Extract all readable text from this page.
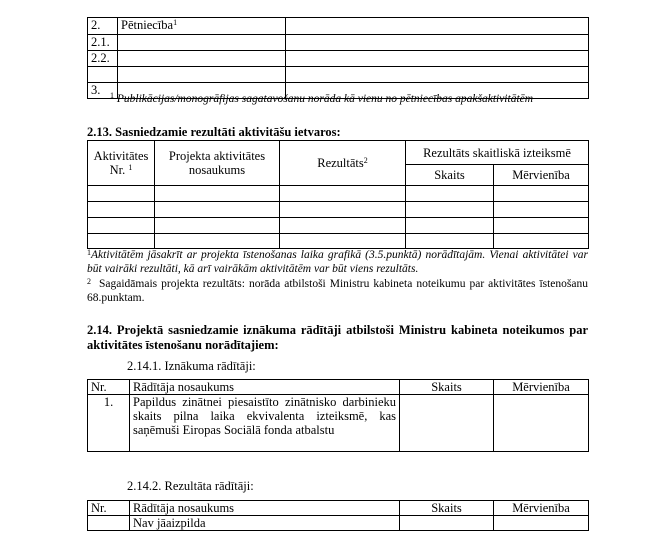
2.	Pētniecība$^1$	
2.1.		
2.2.		

3.		$^1$ Publikācijas/monogrāfijas sagatavošanu norāda kā vienu no pētniecības apakšaktivitātēm
2.13. Sasniedzamie rezultāti aktivitāšu ietvaros:
Aktivitātes Nr. $^1$	Projekta aktivitātes nosaukums	Rezultāts$^2$	Rezultāts skaitliskā izteiksmē	
			Skaits	Mērvienība

$^1$Aktivitātēm jāsakrīt ar projekta īstenošanas laika grafikā (3.5.punktā) norādītajām. Vienai aktivitātei var būt vairāki rezultāti, kā arī vairākām aktivitātēm var būt viens rezultāts.
$^2$ Sagaidāmais projekta rezultāts: norāda atbilstoši Ministru kabineta noteikumu par aktivitātes īstenošanu 68.punktam.
2.14. Projektā sasniedzamie iznākuma rādītāji atbilstoši Ministru kabineta noteikumos par aktivitātes īstenošanu norādītajiem:
2.14.1. Iznākuma rādītāji:
Nr.	Rādītāja nosaukums	Skaits	Mērvienība
1.	Papildus zinātnei piesaistīto zinātnisko darbinieku skaits pilna laika ekvivalenta izteiksmē, kas saņēmuši Eiropas Sociālā fonda atbalstu		
2.14.2. Rezultāta rādītāji:
Nr.	Rādītāja nosaukums	Skaits	Mērvienība
	Nav jāaizpilda		
